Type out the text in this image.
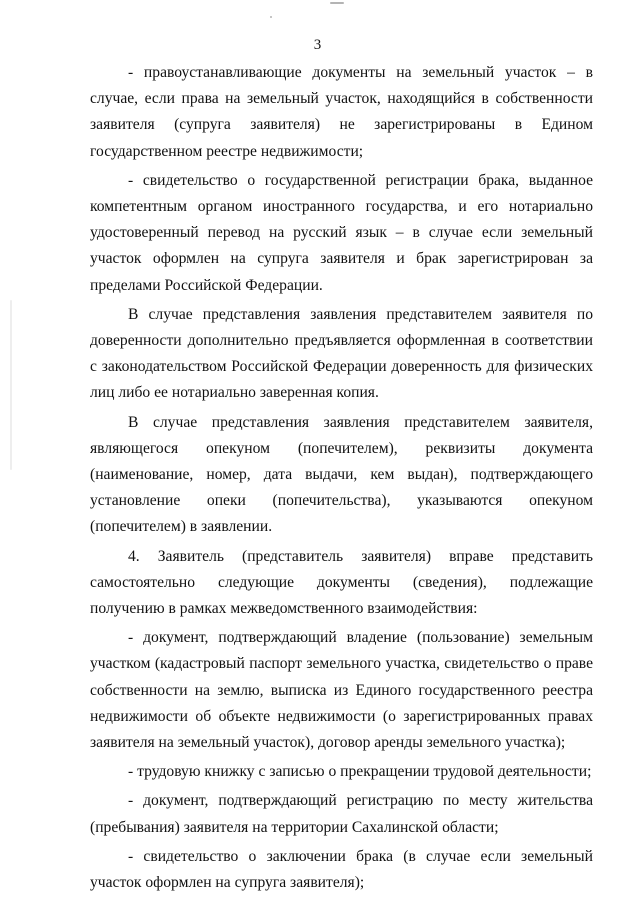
3

- правоустанавливающие документы на земельный участок – в случае, если права на земельный участок, находящийся в собственности заявителя (супруга заявителя) не зарегистрированы в Едином государственном реестре недвижимости;

- свидетельство о государственной регистрации брака, выданное компетентным органом иностранного государства, и его нотариально удостоверенный перевод на русский язык – в случае если земельный участок оформлен на супруга заявителя и брак зарегистрирован за пределами Российской Федерации.

В случае представления заявления представителем заявителя по доверенности дополнительно предъявляется оформленная в соответствии с законодательством Российской Федерации доверенность для физических лиц либо ее нотариально заверенная копия.

В случае представления заявления представителем заявителя, являющегося опекуном (попечителем), реквизиты документа (наименование, номер, дата выдачи, кем выдан), подтверждающего установление опеки (попечительства), указываются опекуном (попечителем) в заявлении.

4. Заявитель (представитель заявителя) вправе представить самостоятельно следующие документы (сведения), подлежащие получению в рамках межведомственного взаимодействия:

- документ, подтверждающий владение (пользование) земельным участком (кадастровый паспорт земельного участка, свидетельство о праве собственности на землю, выписка из Единого государственного реестра недвижимости об объекте недвижимости (о зарегистрированных правах заявителя на земельный участок), договор аренды земельного участка);

- трудовую книжку с записью о прекращении трудовой деятельности;

- документ, подтверждающий регистрацию по месту жительства (пребывания) заявителя на территории Сахалинской области;

- свидетельство о заключении брака (в случае если земельный участок оформлен на супруга заявителя);
